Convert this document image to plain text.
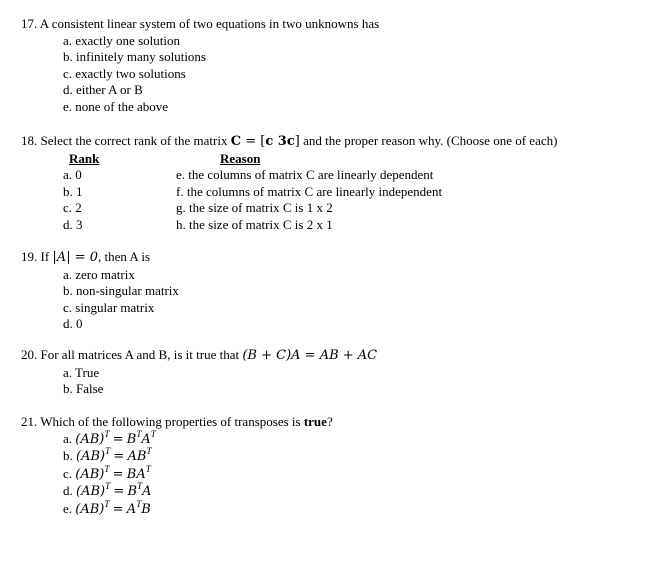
17. A consistent linear system of two equations in two unknowns has
a. exactly one solution
b. infinitely many solutions
c. exactly two solutions
d. either A or B
e. none of the above
18. Select the correct rank of the matrix C = [c 3c] and the proper reason why. (Choose one of each)
Rank
a. 0
b. 1
c. 2
d. 3
Reason
e. the columns of matrix C are linearly dependent
f. the columns of matrix C are linearly independent
g. the size of matrix C is 1 x 2
h. the size of matrix C is 2 x 1
19. If |A| = 0, then A is
a. zero matrix
b. non-singular matrix
c. singular matrix
d. 0
20. For all matrices A and B, is it true that (B + C)A = AB + AC
a. True
b. False
21. Which of the following properties of transposes is true?
a. $(AB)^T = B^TA^T$
b. $(AB)^T = AB^T$
c. $(AB)^T = BA^T$
d. $(AB)^T = B^TA$
e. $(AB)^T = A^TB$
